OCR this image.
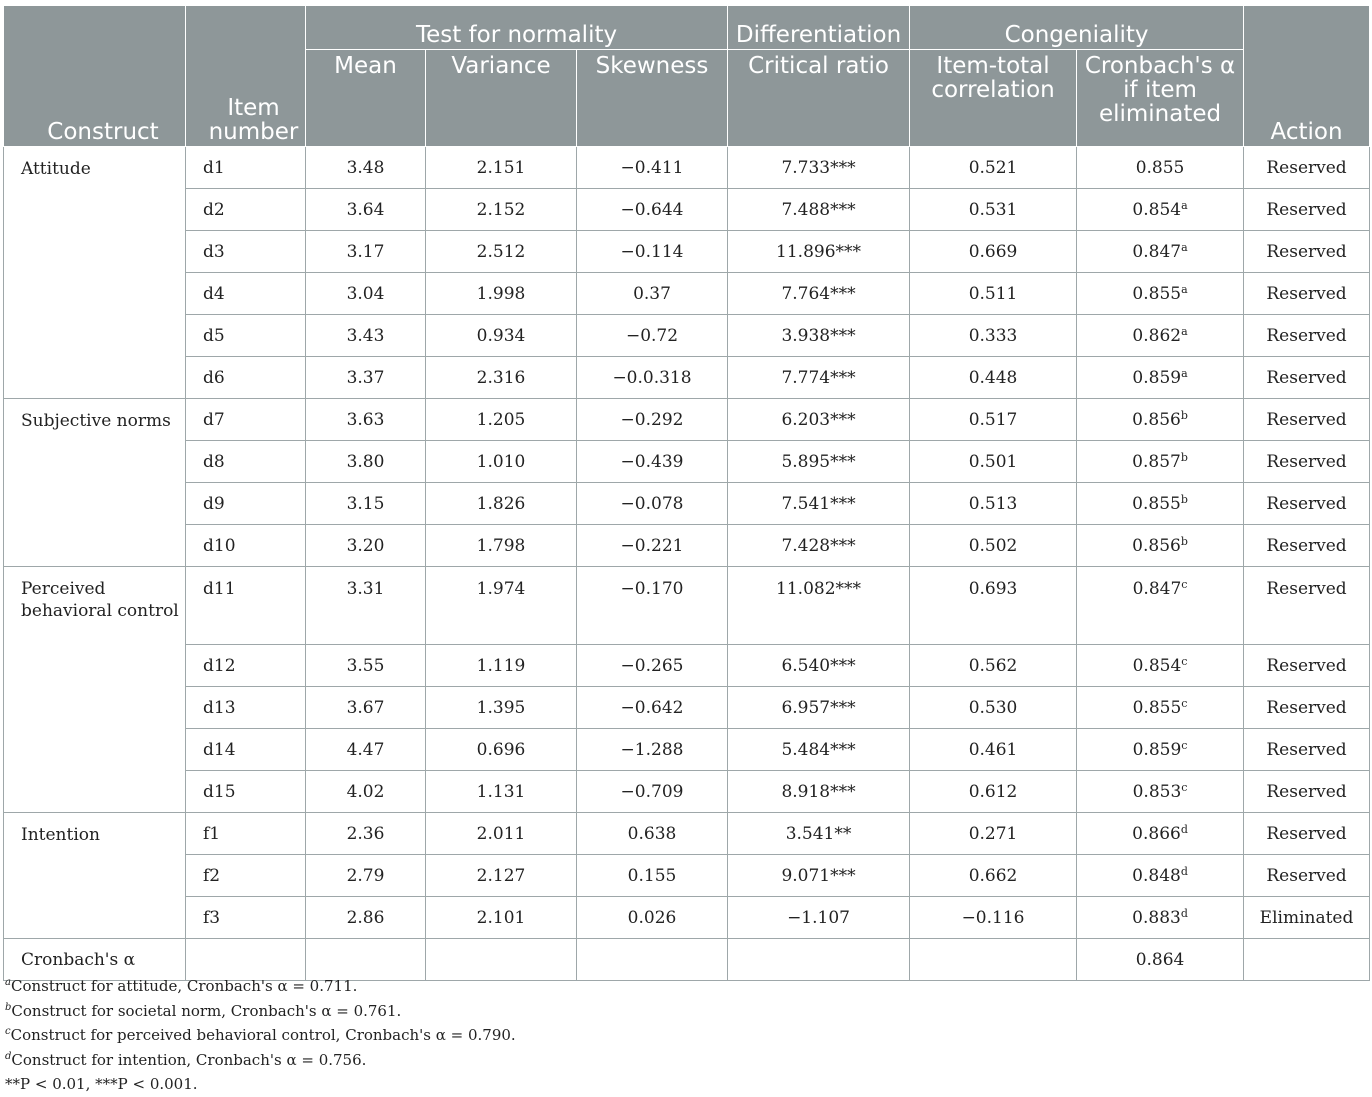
Construct	Item number	Test for normality			Differentiation	Congeniality		Action
		Mean	Variance	Skewness	Critical ratio	Item-total correlation	Cronbach's α if item eliminated	
Attitude	d1	3.48	2.151	−0.411	7.733***	0.521	0.855	Reserved
	d2	3.64	2.152	−0.644	7.488***	0.531	0.854$^a$	Reserved
	d3	3.17	2.512	−0.114	11.896***	0.669	0.847$^a$	Reserved
	d4	3.04	1.998	0.37	7.764***	0.511	0.855$^a$	Reserved
	d5	3.43	0.934	−0.72	3.938***	0.333	0.862$^a$	Reserved
	d6	3.37	2.316	−0.0.318	7.774***	0.448	0.859$^a$	Reserved
Subjective norms	d7	3.63	1.205	−0.292	6.203***	0.517	0.856$^b$	Reserved
	d8	3.80	1.010	−0.439	5.895***	0.501	0.857$^b$	Reserved
	d9	3.15	1.826	−0.078	7.541***	0.513	0.855$^b$	Reserved
	d10	3.20	1.798	−0.221	7.428***	0.502	0.856$^b$	Reserved
Perceived behavioral control	d11	3.31	1.974	−0.170	11.082***	0.693	0.847$^c$	Reserved
	d12	3.55	1.119	−0.265	6.540***	0.562	0.854$^c$	Reserved
	d13	3.67	1.395	−0.642	6.957***	0.530	0.855$^c$	Reserved
	d14	4.47	0.696	−1.288	5.484***	0.461	0.859$^c$	Reserved
	d15	4.02	1.131	−0.709	8.918***	0.612	0.853$^c$	Reserved
Intention	f1	2.36	2.011	0.638	3.541**	0.271	0.866$^d$	Reserved
	f2	2.79	2.127	0.155	9.071***	0.662	0.848$^d$	Reserved
	f3	2.86	2.101	0.026	−1.107	−0.116	0.883$^d$	Eliminated
Cronbach's α							0.864	
$^a$Construct for attitude, Cronbach's α = 0.711.
$^b$Construct for societal norm, Cronbach's α = 0.761.
$^c$Construct for perceived behavioral control, Cronbach's α = 0.790.
$^d$Construct for intention, Cronbach's α = 0.756.
**P < 0.01, ***P < 0.001.
